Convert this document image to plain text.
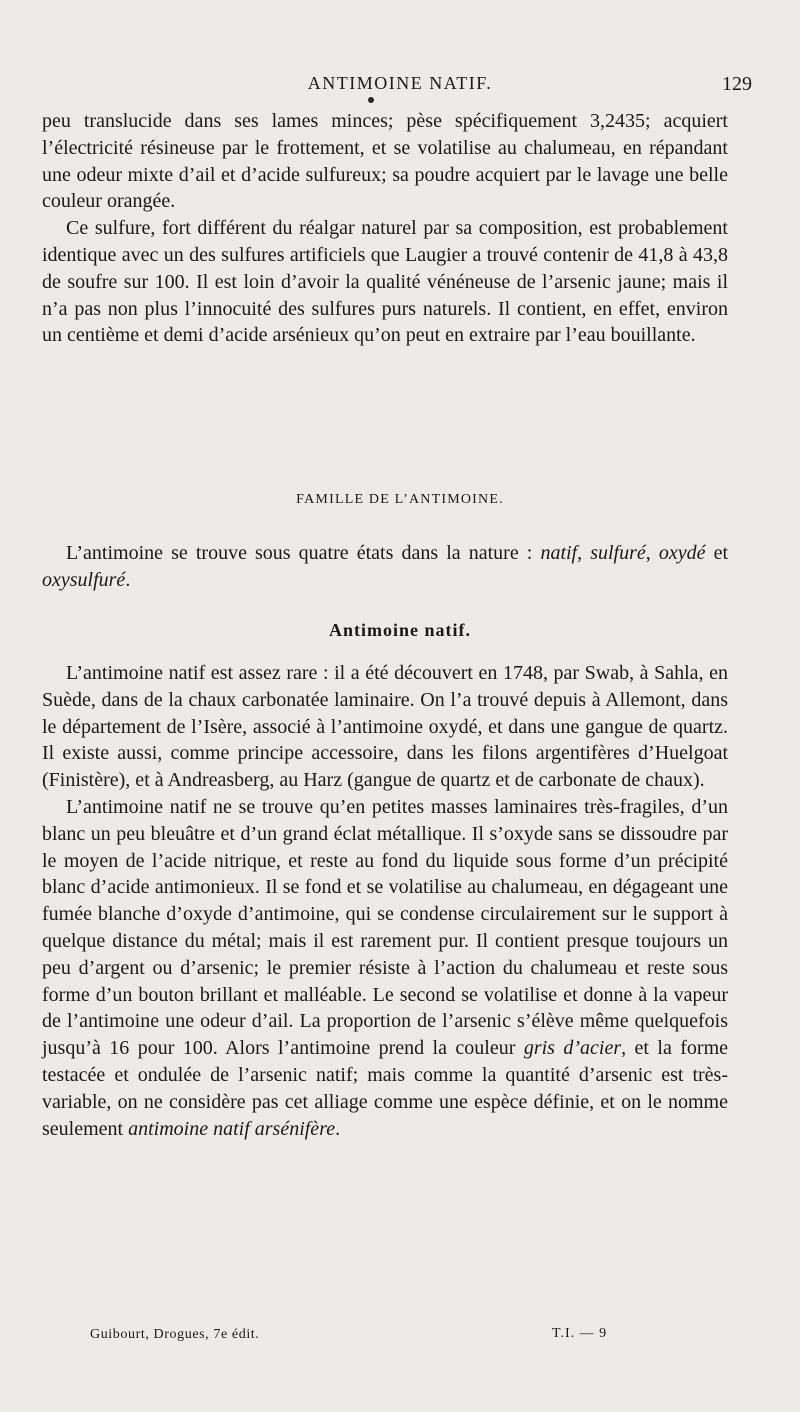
ANTIMOINE NATIF.	129

peu translucide dans ses lames minces; pèse spécifiquement 3,2435; acquiert l’électricité résineuse par le frottement, et se volatilise au chalumeau, en répandant une odeur mixte d’ail et d’acide sulfureux; sa poudre acquiert par le lavage une belle couleur orangée.

Ce sulfure, fort différent du réalgar naturel par sa composition, est probablement identique avec un des sulfures artificiels que Laugier a trouvé contenir de 41,8 à 43,8 de soufre sur 100. Il est loin d’avoir la qualité vénéneuse de l’arsenic jaune; mais il n’a pas non plus l’innocuité des sulfures purs naturels. Il contient, en effet, environ un centième et demi d’acide arsénieux qu’on peut en extraire par l’eau bouillante.

FAMILLE DE L’ANTIMOINE.

L’antimoine se trouve sous quatre états dans la nature : natif, sulfuré, oxydé et oxysulfuré.

Antimoine natif.

L’antimoine natif est assez rare : il a été découvert en 1748, par Swab, à Sahla, en Suède, dans de la chaux carbonatée laminaire. On l’a trouvé depuis à Allemont, dans le département de l’Isère, associé à l’antimoine oxydé, et dans une gangue de quartz. Il existe aussi, comme principe accessoire, dans les filons argentifères d’Huelgoat (Finistère), et à Andreasberg, au Harz (gangue de quartz et de carbonate de chaux).

L’antimoine natif ne se trouve qu’en petites masses laminaires très-fragiles, d’un blanc un peu bleuâtre et d’un grand éclat métallique. Il s’oxyde sans se dissoudre par le moyen de l’acide nitrique, et reste au fond du liquide sous forme d’un précipité blanc d’acide antimonieux. Il se fond et se volatilise au chalumeau, en dégageant une fumée blanche d’oxyde d’antimoine, qui se condense circulairement sur le support à quelque distance du métal; mais il est rarement pur. Il contient presque toujours un peu d’argent ou d’arsenic; le premier résiste à l’action du chalumeau et reste sous forme d’un bouton brillant et malléable. Le second se volatilise et donne à la vapeur de l’antimoine une odeur d’ail. La proportion de l’arsenic s’élève même quelquefois jusqu’à 16 pour 100. Alors l’antimoine prend la couleur gris d’acier, et la forme testacée et ondulée de l’arsenic natif; mais comme la quantité d’arsenic est très-variable, on ne considère pas cet alliage comme une espèce définie, et on le nomme seulement antimoine natif arsénifère.

Guibourt, Drogues, 7e édit.	T.I. — 9
